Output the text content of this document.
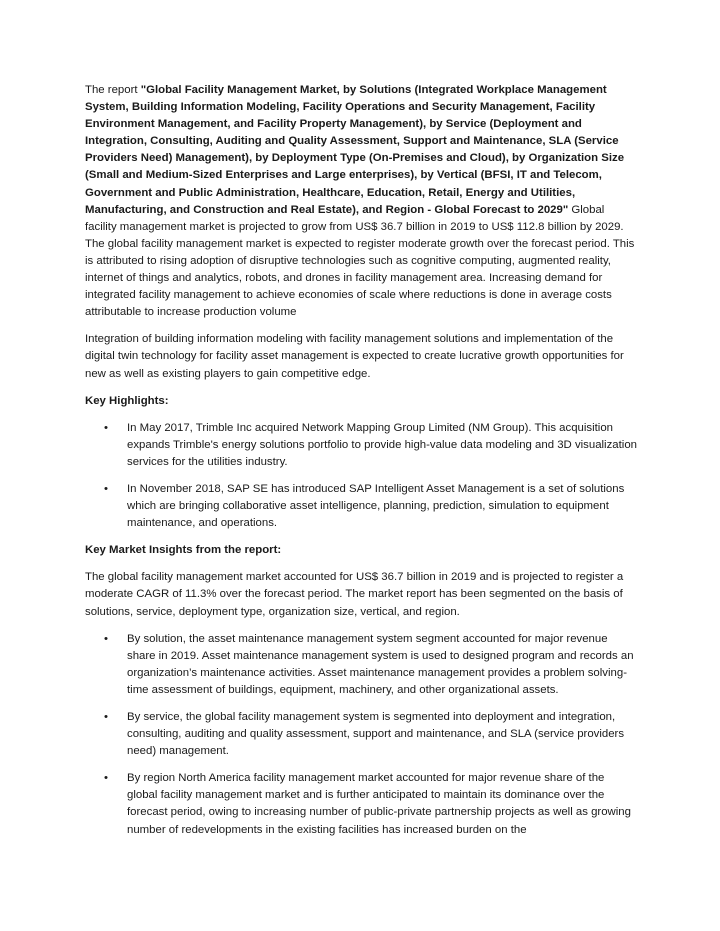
The report "Global Facility Management Market, by Solutions (Integrated Workplace Management System, Building Information Modeling, Facility Operations and Security Management, Facility Environment Management, and Facility Property Management), by Service (Deployment and Integration, Consulting, Auditing and Quality Assessment, Support and Maintenance, SLA (Service Providers Need) Management), by Deployment Type (On-Premises and Cloud), by Organization Size (Small and Medium-Sized Enterprises and Large enterprises), by Vertical (BFSI, IT and Telecom, Government and Public Administration, Healthcare, Education, Retail, Energy and Utilities, Manufacturing, and Construction and Real Estate), and Region - Global Forecast to 2029" Global facility management market is projected to grow from US$ 36.7 billion in 2019 to US$ 112.8 billion by 2029. The global facility management market is expected to register moderate growth over the forecast period. This is attributed to rising adoption of disruptive technologies such as cognitive computing, augmented reality, internet of things and analytics, robots, and drones in facility management area. Increasing demand for integrated facility management to achieve economies of scale where reductions is done in average costs attributable to increase production volume

Integration of building information modeling with facility management solutions and implementation of the digital twin technology for facility asset management is expected to create lucrative growth opportunities for new as well as existing players to gain competitive edge.

Key Highlights:

• In May 2017, Trimble Inc acquired Network Mapping Group Limited (NM Group). This acquisition expands Trimble's energy solutions portfolio to provide high-value data modeling and 3D visualization services for the utilities industry.
• In November 2018, SAP SE has introduced SAP Intelligent Asset Management is a set of solutions which are bringing collaborative asset intelligence, planning, prediction, simulation to equipment maintenance, and operations.

Key Market Insights from the report:

The global facility management market accounted for US$ 36.7 billion in 2019 and is projected to register a moderate CAGR of 11.3% over the forecast period. The market report has been segmented on the basis of solutions, service, deployment type, organization size, vertical, and region.

• By solution, the asset maintenance management system segment accounted for major revenue share in 2019. Asset maintenance management system is used to designed program and records an organization’s maintenance activities. Asset maintenance management provides a problem solving-time assessment of buildings, equipment, machinery, and other organizational assets.
• By service, the global facility management system is segmented into deployment and integration, consulting, auditing and quality assessment, support and maintenance, and SLA (service providers need) management.
• By region North America facility management market accounted for major revenue share of the global facility management market and is further anticipated to maintain its dominance over the forecast period, owing to increasing number of public-private partnership projects as well as growing number of redevelopments in the existing facilities has increased burden on the
